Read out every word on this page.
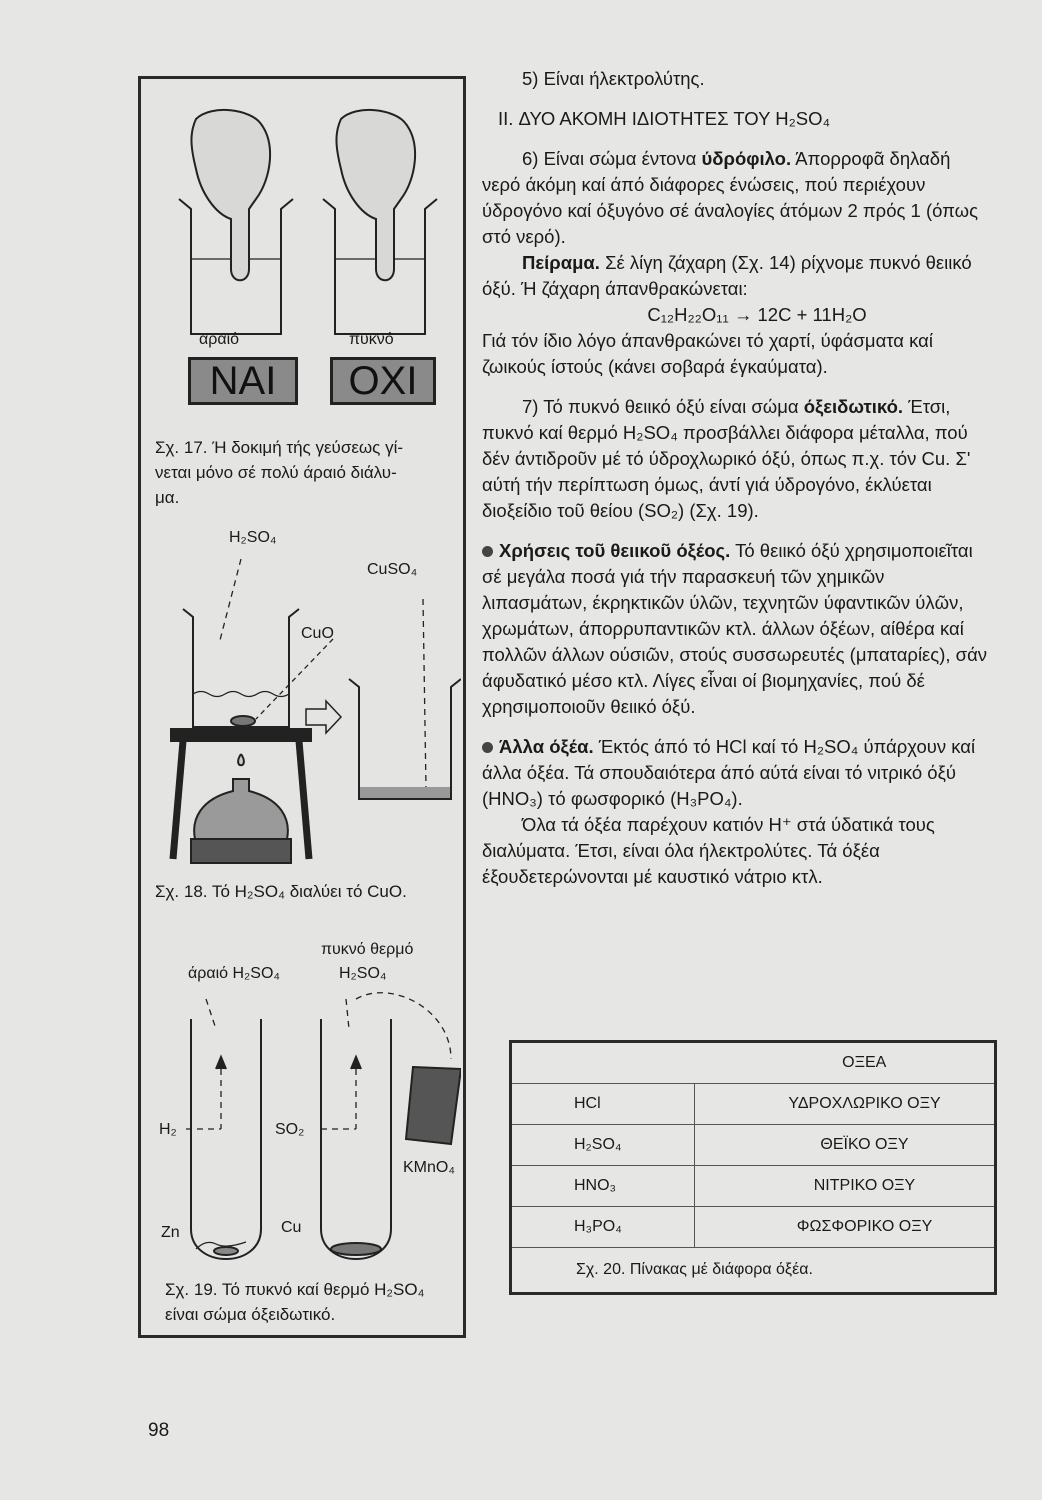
αραιό	πυκνό
ΝΑΙ	ΟΧΙ
Σχ. 17. Ή δοκιμή τής γεύσεως γί-
νεται μόνο σέ πολύ άραιό διάλυ-
μα.
H₂SO₄
CuSO₄
CuO
Σχ. 18. Τό H₂SO₄ διαλύει τό CuO.
πυκνό θερμό
άραιό H₂SO₄	H₂SO₄
H₂	SO₂
KMnO₄
Zn	Cu
Σχ. 19. Τό πυκνό καί θερμό H₂SO₄
είναι σώμα όξειδωτικό.

5) Είναι ήλεκτρολύτης.

II. ΔΥΟ ΑΚΟΜΗ ΙΔΙΟΤΗΤΕΣ ΤΟΥ H₂SO₄

6) Είναι σώμα έντονα ύδρόφιλο. Άπορροφᾶ δηλαδή νερό άκόμη καί άπό διάφορες ένώσεις, πού περιέχουν ύδρογόνο καί όξυγόνο σέ άναλογίες άτόμων 2 πρός 1 (όπως στό νερό).

Πείραμα. Σέ λίγη ζάχαρη (Σχ. 14) ρίχνομε πυκνό θειικό όξύ. Ή ζάχαρη άπανθρακώνεται:

C₁₂H₂₂O₁₁ → 12C + 11H₂O

Γιά τόν ίδιο λόγο άπανθρακώνει τό χαρτί, ύφάσματα καί ζωικούς ίστούς (κάνει σοβαρά έγκαύματα).

7) Τό πυκνό θειικό όξύ είναι σώμα όξειδωτικό. Έτσι, πυκνό καί θερμό H₂SO₄ προσβάλλει διάφορα μέταλλα, πού δέν άντιδροῦν μέ τό ύδροχλωρικό όξύ, όπως π.χ. τόν Cu. Σ' αύτή τήν περίπτωση όμως, άντί γιά ύδρογόνο, έκλύεται διοξείδιο τοῦ θείου (SO₂) (Σχ. 19).

Χρήσεις τοῦ θειικοῦ όξέος. Τό θειικό όξύ χρησιμοποιεῖται σέ μεγάλα ποσά γιά τήν παρασκευή τῶν χημικῶν λιπασμάτων, έκρηκτικῶν ύλῶν, τεχνητῶν ύφαντικῶν ύλῶν, χρωμάτων, άπορρυπαντικῶν κτλ. άλλων όξέων, αίθέρα καί πολλῶν άλλων ούσιῶν, στούς συσσωρευτές (μπαταρίες), σάν άφυδατικό μέσο κτλ. Λίγες εἶναι οί βιομηχανίες, πού δέ χρησιμοποιοῦν θειικό όξύ.

Άλλα όξέα. Έκτός άπό τό HCl καί τό H₂SO₄ ύπάρχουν καί άλλα όξέα. Τά σπουδαιότερα άπό αύτά είναι τό νιτρικό όξύ (HNO₃) τό φωσφορικό (H₃PO₄).

Όλα τά όξέα παρέχουν κατιόν H⁺ στά ύδατικά τους διαλύματα. Έτσι, είναι όλα ήλεκτρολύτες. Τά όξέα έξουδετερώνονται μέ καυστικό νάτριο κτλ.

	ΟΞΕΑ
HCl	ΥΔΡΟΧΛΩΡΙΚΟ ΟΞΥ
H₂SO₄	ΘΕΪΚΟ ΟΞΥ
HNO₃	ΝΙΤΡΙΚΟ ΟΞΥ
H₃PO₄	ΦΩΣΦΟΡΙΚΟ ΟΞΥ
Σχ. 20. Πίνακας μέ διάφορα όξέα.	
98
